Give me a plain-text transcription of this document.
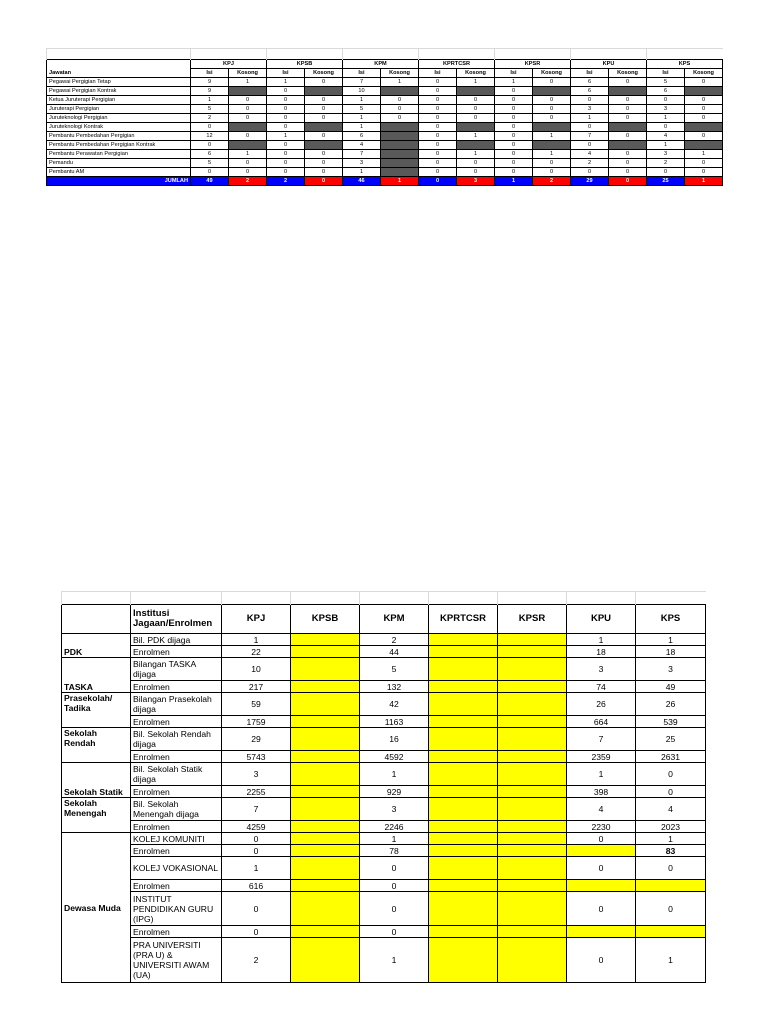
Jawatan	KPJ		KPSB		KPM		KPRTCSR		KPSR		KPU		KPS	
	Isi	Kosong	Isi	Kosong	Isi	Kosong	Isi	Kosong	Isi	Kosong	Isi	Kosong	Isi	Kosong
Pegawai Pergigian Tetap	9	1	1	0	7	1	0	1	1	0	6	0	5	0
Pegawai Pergigian Kontrak	9		0		10		0		0		6		6	
Ketua Juruterapi Pergigian	1	0	0	0	1	0	0	0	0	0	0	0	0	0
Juruterapi Pergigian	5	0	0	0	5	0	0	0	0	0	3	0	3	0
Juruteknologi Pergigian	2	0	0	0	1	0	0	0	0	0	1	0	1	0
Juruteknologi Kontrak	0		0		1		0		0		0		0	
Pembantu Pembedahan Pergigian	12	0	1	0	6		0	1	0	1	7	0	4	0
Pembantu Pembedahan Pergigian Kontrak	0		0		4		0		0		0		1	
Pembantu Perawatan Pergigian	6	1	0	0	7		0	1	0	1	4	0	3	1
Pemandu	5	0	0	0	3		0	0	0	0	2	0	2	0
Pembantu AM	0	0	0	0	1		0	0	0	0	0	0	0	0
JUMLAH	49	2	2	0	46	1	0	3	1	2	29	0	25	1

	Institusi Jagaan/Enrolmen	KPJ	KPSB	KPM	KPRTCSR	KPSR	KPU	KPS
PDK	Bil. PDK dijaga	1		2			1	1
	Enrolmen	22		44			18	18
TASKA	Bilangan TASKA dijaga	10		5			3	3
	Enrolmen	217		132			74	49
Prasekolah/ Tadika	Bilangan Prasekolah dijaga	59		42			26	26
	Enrolmen	1759		1163			664	539
Sekolah Rendah	Bil. Sekolah Rendah dijaga	29		16			7	25
	Enrolmen	5743		4592			2359	2631
Sekolah Statik	Bil. Sekolah Statik dijaga	3		1			1	0
	Enrolmen	2255		929			398	0
Sekolah Menengah	Bil. Sekolah Menengah dijaga	7		3			4	4
	Enrolmen	4259		2246			2230	2023
Dewasa Muda	KOLEJ KOMUNITI	0		1			0	1
	Enrolmen	0		78				83
	KOLEJ VOKASIONAL	1		0			0	0
	Enrolmen	616		0				
	INSTITUT PENDIDIKAN GURU (IPG)	0		0			0	0
	Enrolmen	0		0				
	PRA UNIVERSITI (PRA U) & UNIVERSITI AWAM (UA)	2		1			0	1
